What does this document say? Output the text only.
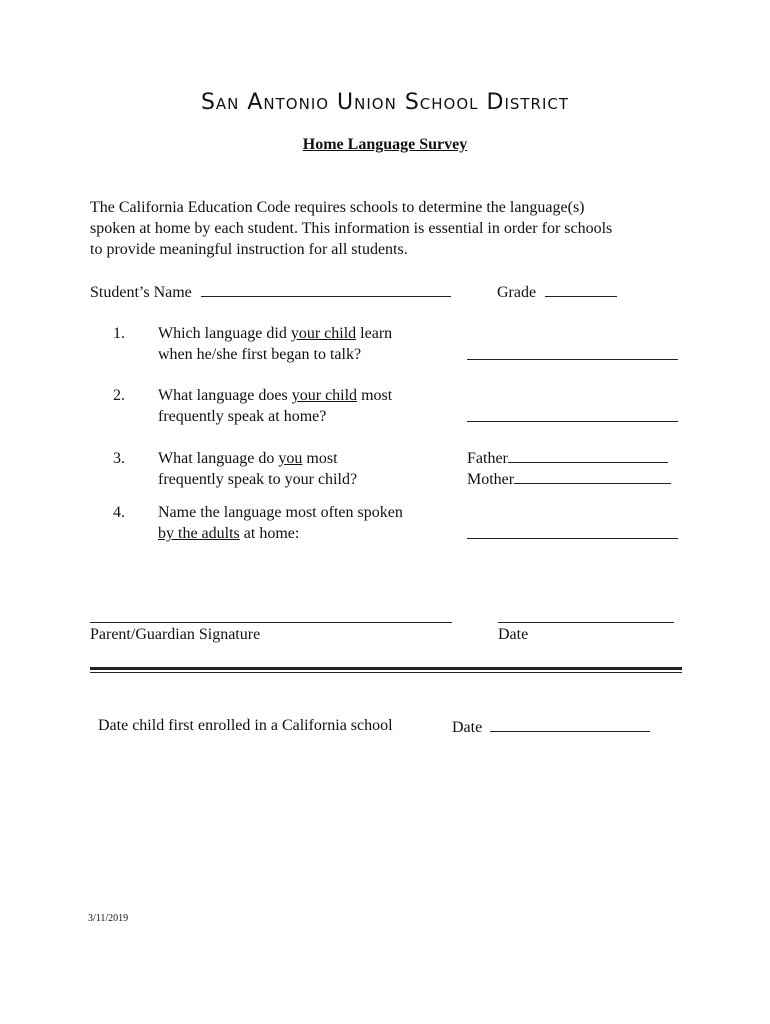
San Antonio Union School District
Home Language Survey
The California Education Code requires schools to determine the language(s)
spoken at home by each student. This information is essential in order for schools
to provide meaningful instruction for all students.
Student’s Name	Grade
1. Which language did your child learn
when he/she first began to talk?
2. What language does your child most
frequently speak at home?
3. What language do you most
frequently speak to your child?
Father
Mother
4. Name the language most often spoken
by the adults at home:
Parent/Guardian Signature	Date
Date child first enrolled in a California school	Date
3/11/2019
